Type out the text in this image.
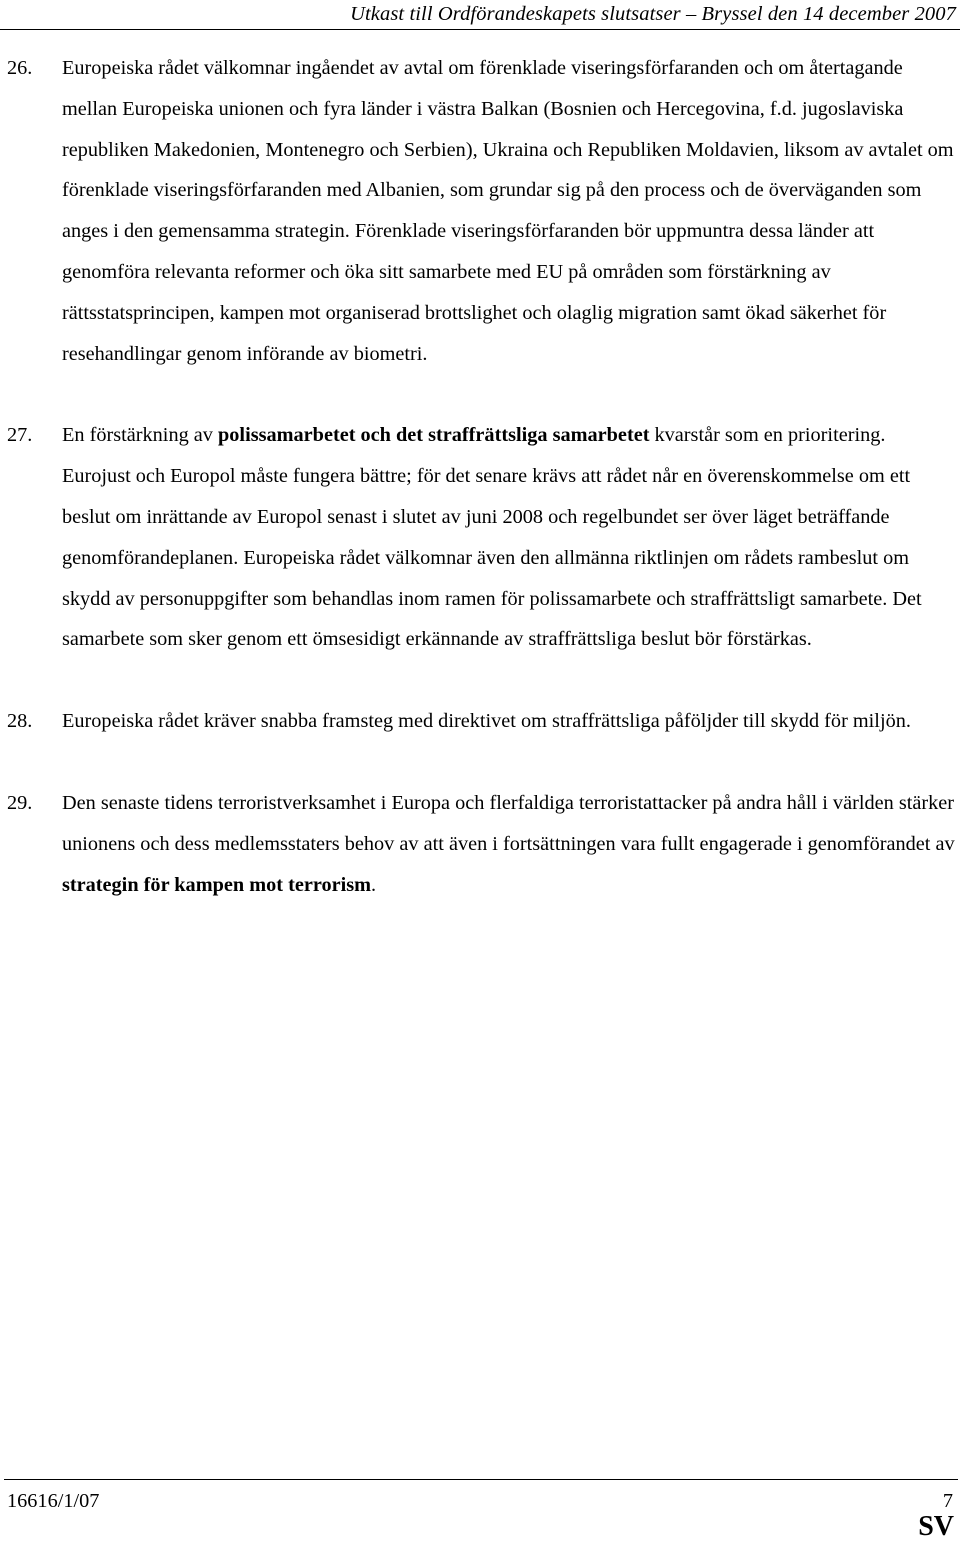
Utkast till Ordförandeskapets slutsatser – Bryssel den 14 december 2007
26. Europeiska rådet välkomnar ingåendet av avtal om förenklade viseringsförfaranden och om återtagande mellan Europeiska unionen och fyra länder i västra Balkan (Bosnien och Hercegovina, f.d. jugoslaviska republiken Makedonien, Montenegro och Serbien), Ukraina och Republiken Moldavien, liksom av avtalet om förenklade viseringsförfaranden med Albanien, som grundar sig på den process och de överväganden som anges i den gemensamma strategin. Förenklade viseringsförfaranden bör uppmuntra dessa länder att genomföra relevanta reformer och öka sitt samarbete med EU på områden som förstärkning av rättsstatsprincipen, kampen mot organiserad brottslighet och olaglig migration samt ökad säkerhet för resehandlingar genom införande av biometri.
27. En förstärkning av polissamarbetet och det straffrättsliga samarbetet kvarstår som en prioritering. Eurojust och Europol måste fungera bättre; för det senare krävs att rådet når en överenskommelse om ett beslut om inrättande av Europol senast i slutet av juni 2008 och regelbundet ser över läget beträffande genomförandeplanen. Europeiska rådet välkomnar även den allmänna riktlinjen om rådets rambeslut om skydd av personuppgifter som behandlas inom ramen för polissamarbete och straffrättsligt samarbete. Det samarbete som sker genom ett ömsesidigt erkännande av straffrättsliga beslut bör förstärkas.
28. Europeiska rådet kräver snabba framsteg med direktivet om straffrättsliga påföljder till skydd för miljön.
29. Den senaste tidens terroristverksamhet i Europa och flerfaldiga terroristattacker på andra håll i världen stärker unionens och dess medlemsstaters behov av att även i fortsättningen vara fullt engagerade i genomförandet av strategin för kampen mot terrorism.
16616/1/07	7
SV
